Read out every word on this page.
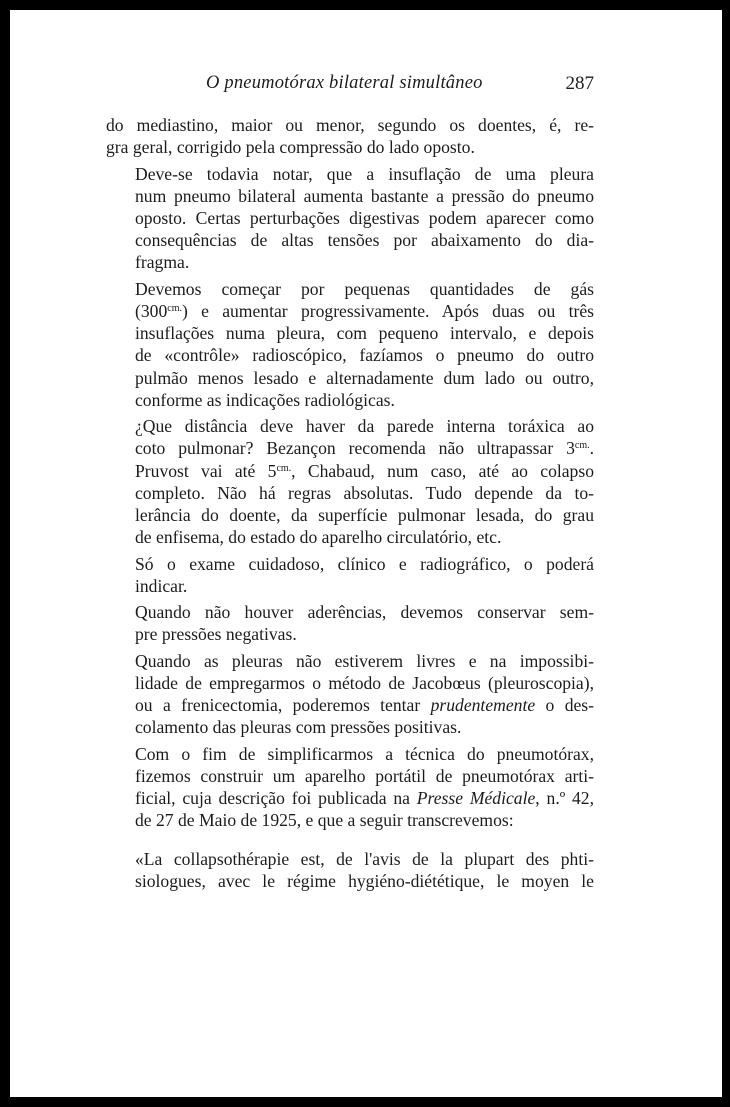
O pneumotórax bilateral simultâneo	287

do mediastino, maior ou menor, segundo os doentes, é, re-
gra geral, corrigido pela compressão do lado oposto.

Deve-se todavia notar, que a insuflação de uma pleura
num pneumo bilateral aumenta bastante a pressão do pneumo
oposto. Certas perturbações digestivas podem aparecer como
consequências de altas tensões por abaixamento do dia-
fragma.

Devemos começar por pequenas quantidades de gás
$(300^{cm.})$ e aumentar progressivamente. Após duas ou três
insuflações numa pleura, com pequeno intervalo, e depois
de «contrôle» radioscópico, fazíamos o pneumo do outro
pulmão menos lesado e alternadamente dum lado ou outro,
conforme as indicações radiológicas.

¿Que distância deve haver da parede interna toráxica ao
coto pulmonar? Bezançon recomenda não ultrapassar $3^{cm.}$.
Pruvost vai até $5^{cm.}$, Chabaud, num caso, até ao colapso
completo. Não há regras absolutas. Tudo depende da to-
lerância do doente, da superfície pulmonar lesada, do grau
de enfisema, do estado do aparelho circulatório, etc.

Só o exame cuidadoso, clínico e radiográfico, o poderá
indicar.

Quando não houver aderências, devemos conservar sem-
pre pressões negativas.

Quando as pleuras não estiverem livres e na impossibi-
lidade de empregarmos o método de Jacobœus (pleuroscopia),
ou a frenicectomia, poderemos tentar prudentemente o des-
colamento das pleuras com pressões positivas.

Com o fim de simplificarmos a técnica do pneumotórax,
fizemos construir um aparelho portátil de pneumotórax arti-
ficial, cuja descrição foi publicada na Presse Médicale, n.º 42,
de 27 de Maio de 1925, e que a seguir transcrevemos:

«La collapsothérapie est, de l'avis de la plupart des phti-
siologues, avec le régime hygiéno-diététique, le moyen le
